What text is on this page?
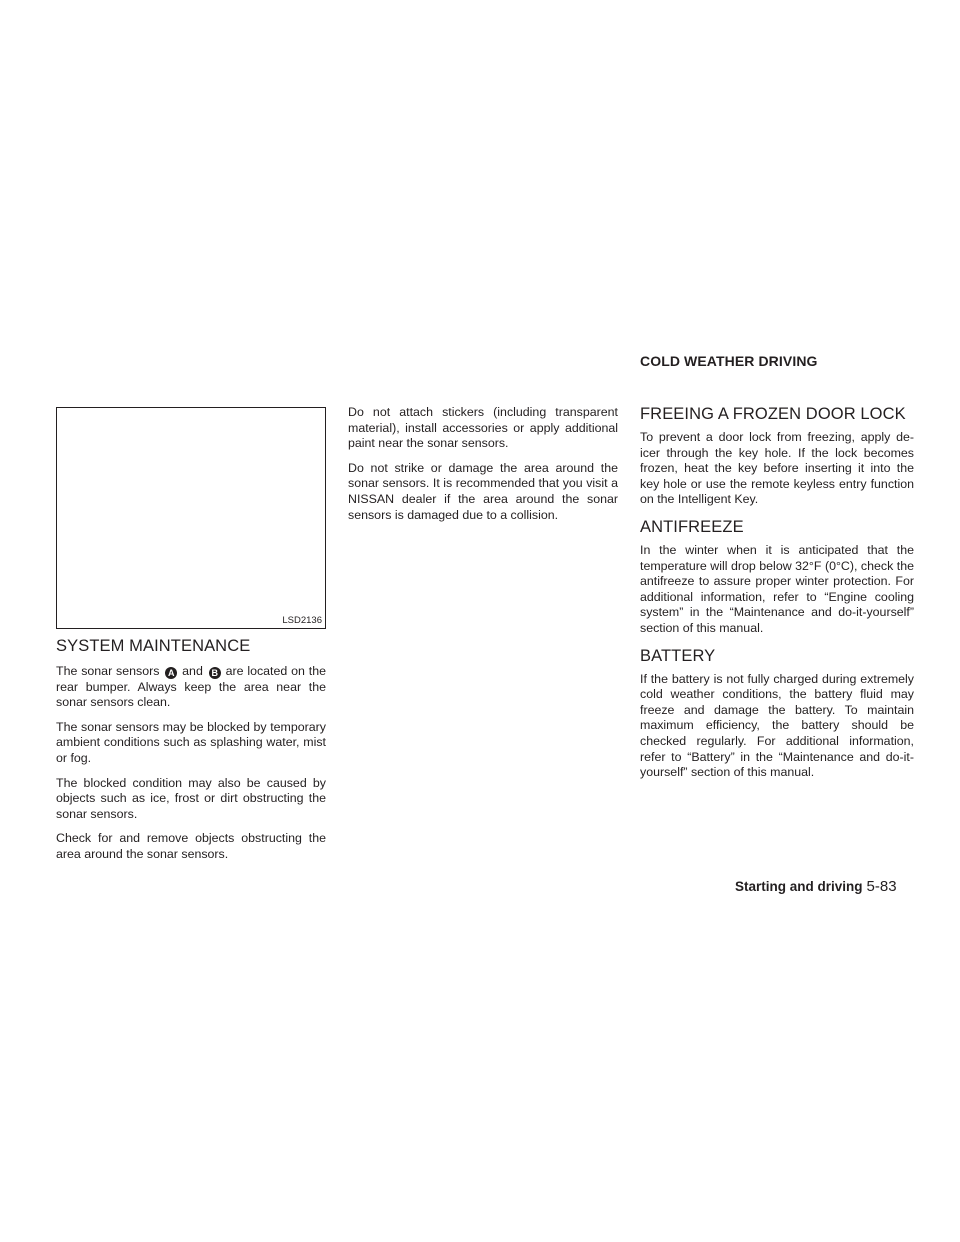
COLD WEATHER DRIVING
LSD2136
SYSTEM MAINTENANCE

The sonar sensors A and B are located on the rear bumper. Always keep the area near the sonar sensors clean.

The sonar sensors may be blocked by temporary ambient conditions such as splashing water, mist or fog.

The blocked condition may also be caused by objects such as ice, frost or dirt obstructing the sonar sensors.

Check for and remove objects obstructing the area around the sonar sensors.

Do not attach stickers (including transparent material), install accessories or apply additional paint near the sonar sensors.

Do not strike or damage the area around the sonar sensors. It is recommended that you visit a NISSAN dealer if the area around the sonar sensors is damaged due to a collision.

FREEING A FROZEN DOOR LOCK

To prevent a door lock from freezing, apply de-icer through the key hole. If the lock becomes frozen, heat the key before inserting it into the key hole or use the remote keyless entry function on the Intelligent Key.

ANTIFREEZE

In the winter when it is anticipated that the temperature will drop below 32°F (0°C), check the antifreeze to assure proper winter protection. For additional information, refer to “Engine cooling system” in the “Maintenance and do-it-yourself” section of this manual.

BATTERY

If the battery is not fully charged during extremely cold weather conditions, the battery fluid may freeze and damage the battery. To maintain maximum efficiency, the battery should be checked regularly. For additional information, refer to “Battery” in the “Maintenance and do-it-yourself” section of this manual.

Starting and driving 5-83
